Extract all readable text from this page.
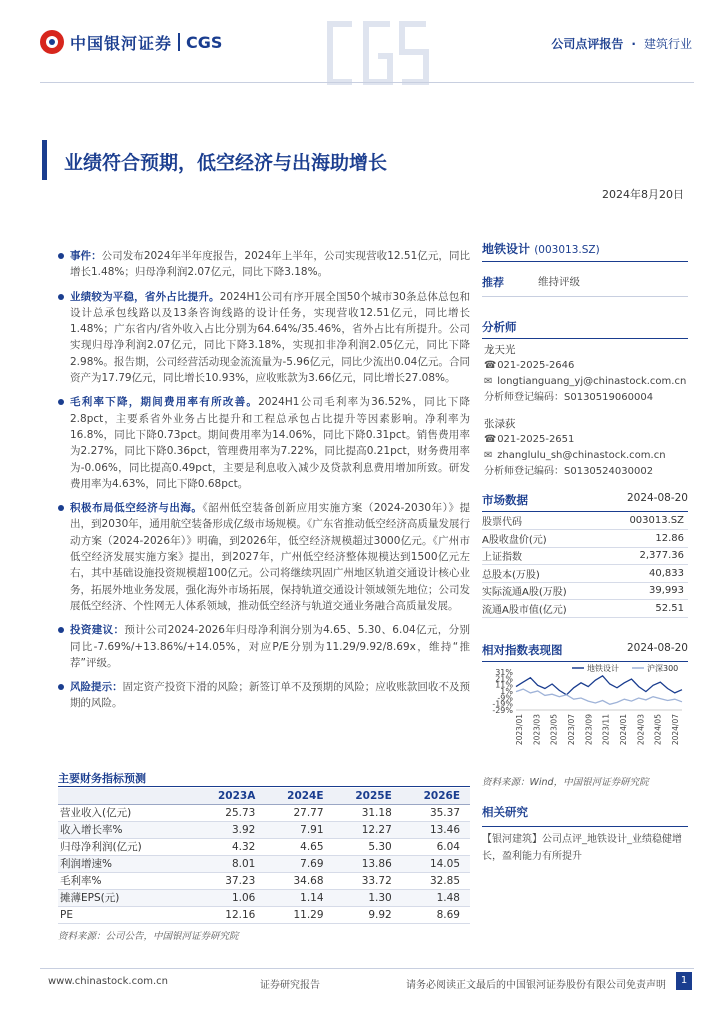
中国银河证券 CGS	公司点评报告 · 建筑行业
业绩符合预期，低空经济与出海助增长
2024年8月20日

事件：公司发布2024年半年度报告，2024年上半年，公司实现营收12.51亿元，同比增长1.48%；归母净利润2.07亿元，同比下降3.18%。

业绩较为平稳，省外占比提升。2024H1公司有序开展全国50个城市30条总体总包和设计总承包线路以及13条咨询线路的设计任务，实现营收12.51亿元，同比增长1.48%；广东省内/省外收入占比分别为64.64%/35.46%，省外占比有所提升。公司实现归母净利润2.07亿元，同比下降3.18%，实现扣非净利润2.05亿元，同比下降2.98%。报告期，公司经营活动现金流流量为-5.96亿元，同比少流出0.04亿元。合同资产为17.79亿元，同比增长10.93%，应收账款为3.66亿元，同比增长27.08%。

毛利率下降，期间费用率有所改善。2024H1公司毛利率为36.52%，同比下降2.8pct，主要系省外业务占比提升和工程总承包占比提升等因素影响。净利率为16.8%，同比下降0.73pct。期间费用率为14.06%，同比下降0.31pct。销售费用率为2.27%，同比下降0.36pct，管理费用率为7.22%，同比提高0.21pct，财务费用率为-0.06%，同比提高0.49pct，主要是利息收入减少及贷款利息费用增加所致。研发费用率为4.63%，同比下降0.68pct。

积极布局低空经济与出海。《韶州低空装备创新应用实施方案（2024-2030年）》提出，到2030年，通用航空装备形成亿级市场规模。《广东省推动低空经济高质量发展行动方案（2024-2026年）》明确，到2026年，低空经济规模超过3000亿元。《广州市低空经济发展实施方案》提出，到2027年，广州低空经济整体规模达到1500亿元左右，其中基础设施投资规模超100亿元。公司将继续巩固广州地区轨道交通设计核心业务，拓展外地业务发展，强化海外市场拓展，保持轨道交通设计领域领先地位；公司发展低空经济、个性网无人体系领域，推动低空经济与轨道交通业务融合高质量发展。

投资建议：预计公司2024-2026年归母净利润分别为4.65、5.30、6.04亿元，分别同比-7.69%/+13.86%/+14.05%，对应P/E分别为11.29/9.92/8.69x，维持“推荐”评级。

风险提示：固定资产投资下滑的风险；新签订单不及预期的风险；应收账款回收不及预期的风险。

主要财务指标预测
	2023A	2024E	2025E	2026E
营业收入(亿元)	25.73	27.77	31.18	35.37
收入增长率%	3.92	7.91	12.27	13.46
归母净利润(亿元)	4.32	4.65	5.30	6.04
利润增速%	8.01	7.69	13.86	14.05
毛利率%	37.23	34.68	33.72	32.85
摊薄EPS(元)	1.06	1.14	1.30	1.48
PE	12.16	11.29	9.92	8.69
资料来源：公司公告，中国银河证券研究院
地铁设计 (003013.SZ)
推荐	维持评级
分析师
龙天光
☎ 021-2025-2646
✉ longtianguang_yj@chinastock.com.cn
分析师登记编码：S0130519060004
张渌荻
☎ 021-2025-2651
✉ zhanglulu_sh@chinastock.com.cn
分析师登记编码：S0130524030002
市场数据	2024-08-20
股票代码	003013.SZ
A股收盘价(元)	12.86
上证指数	2,377.36
总股本(万股)	40,833
实际流通A股(万股)	39,993
流通A股市值(亿元)	52.51
相对指数表现图	2024-08-20
31%
21%
11%
1%
-9%
-19%
-29%
2023/01 2023/03 2023/05 2023/07 2023/09 2023/11 2024/01 2024/03 2024/05 2024/07
地铁设计	沪深300
资料来源：Wind，中国银河证券研究院
相关研究
【银河建筑】公司点评_地铁设计_业绩稳健增长，盈利能力有所提升
www.chinastock.com.cn	证券研究报告	请务必阅读正文最后的中国银河证券股份有限公司免责声明	1
